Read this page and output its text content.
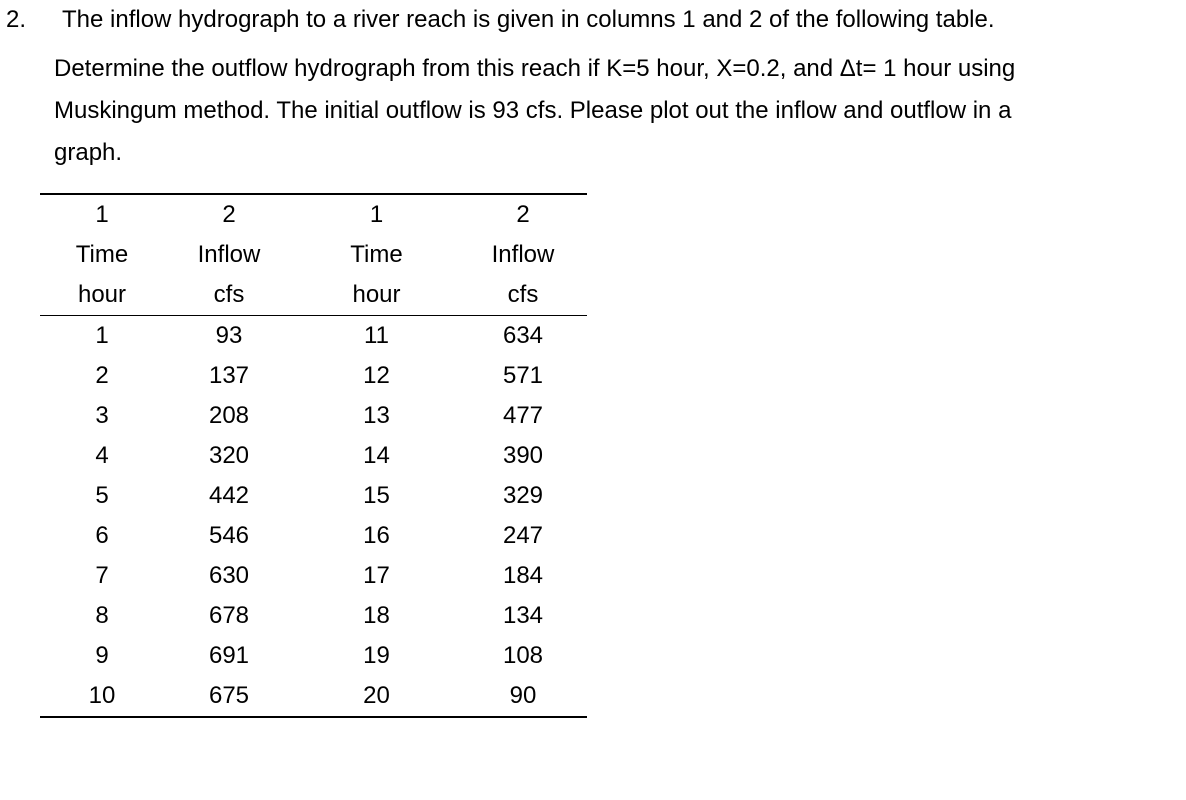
2. The inflow hydrograph to a river reach is given in columns 1 and 2 of the following table.
Determine the outflow hydrograph from this reach if K=5 hour, X=0.2, and Δt= 1 hour using
Muskingum method. The initial outflow is 93 cfs. Please plot out the inflow and outflow in a
graph.
1	2	1	2
Time	Inflow	Time	Inflow
hour	cfs	hour	cfs
1	93	11	634
2	137	12	571
3	208	13	477
4	320	14	390
5	442	15	329
6	546	16	247
7	630	17	184
8	678	18	134
9	691	19	108
10	675	20	90
